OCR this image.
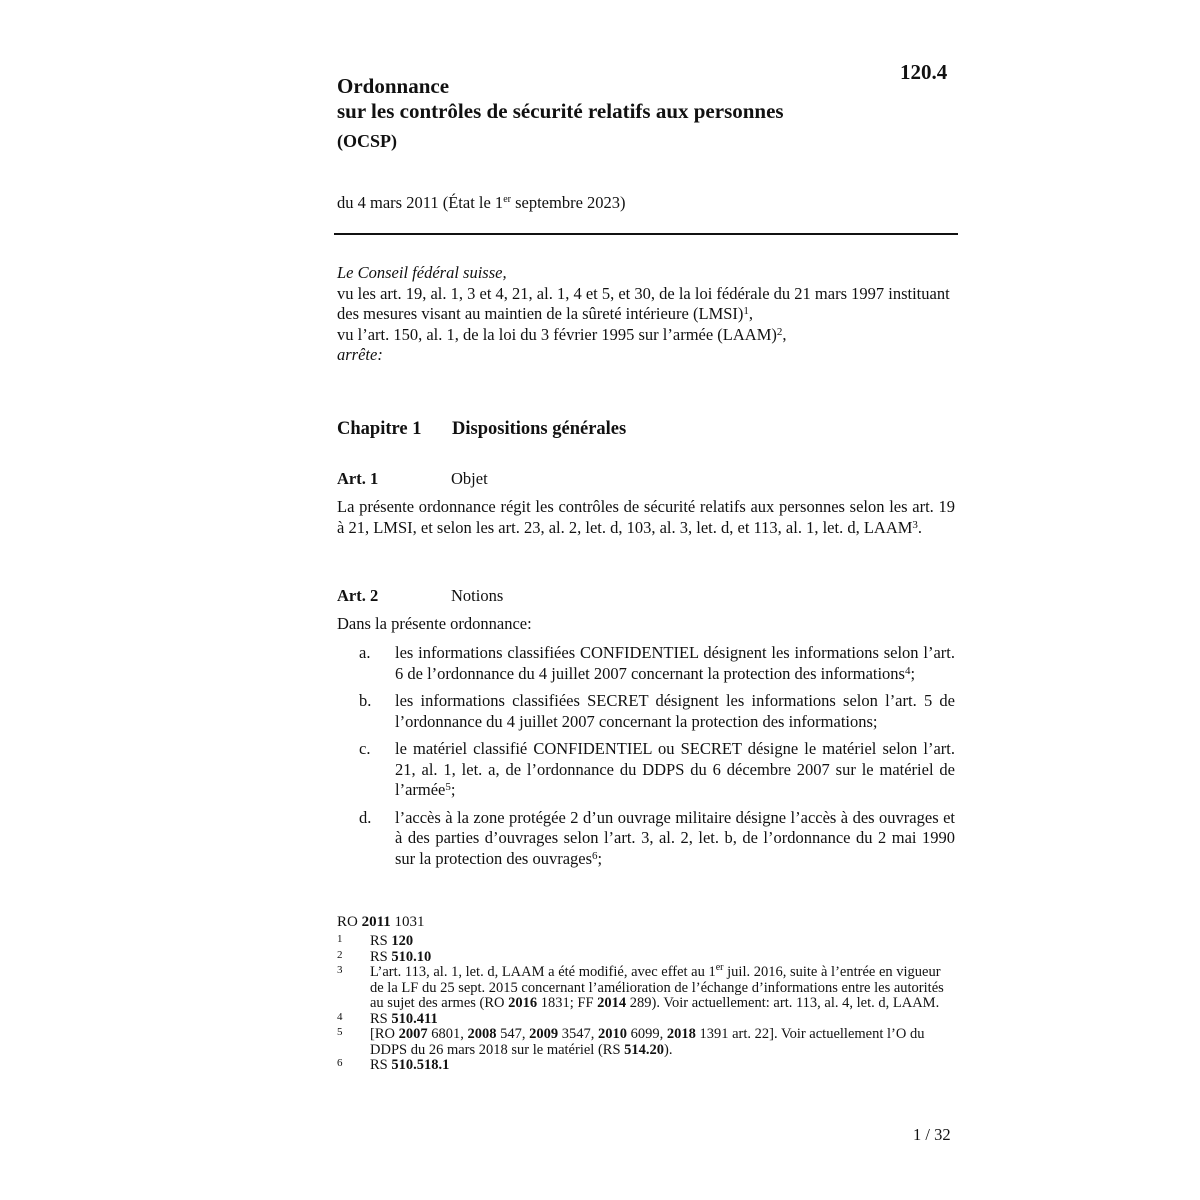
120.4
Ordonnance
sur les contrôles de sécurité relatifs aux personnes
(OCSP)
du 4 mars 2011 (État le 1er septembre 2023)
Le Conseil fédéral suisse,
vu les art. 19, al. 1, 3 et 4, 21, al. 1, 4 et 5, et 30, de la loi fédérale du 21 mars 1997 instituant des mesures visant au maintien de la sûreté intérieure (LMSI)$^1$,
vu l’art. 150, al. 1, de la loi du 3 février 1995 sur l’armée (LAAM)$^2$,
arrête:
Chapitre 1 Dispositions générales
Art. 1	Objet
La présente ordonnance régit les contrôles de sécurité relatifs aux personnes selon les art. 19 à 21, LMSI, et selon les art. 23, al. 2, let. d, 103, al. 3, let. d, et 113, al. 1, let. d, LAAM$^3$.
Art. 2	Notions
Dans la présente ordonnance:
a. les informations classifiées CONFIDENTIEL désignent les informations selon l’art. 6 de l’ordonnance du 4 juillet 2007 concernant la protection des informations$^4$;
b. les informations classifiées SECRET désignent les informations selon l’art. 5 de l’ordonnance du 4 juillet 2007 concernant la protection des informations;
c. le matériel classifié CONFIDENTIEL ou SECRET désigne le matériel selon l’art. 21, al. 1, let. a, de l’ordonnance du DDPS du 6 décembre 2007 sur le matériel de l’armée$^5$;
d. l’accès à la zone protégée 2 d’un ouvrage militaire désigne l’accès à des ouvrages et à des parties d’ouvrages selon l’art. 3, al. 2, let. b, de l’ordonnance du 2 mai 1990 sur la protection des ouvrages$^6$;
RO 2011 1031
1 RS 120
2 RS 510.10
3 L’art. 113, al. 1, let. d, LAAM a été modifié, avec effet au 1er juil. 2016, suite à l’entrée en vigueur de la LF du 25 sept. 2015 concernant l’amélioration de l’échange d’informations entre les autorités au sujet des armes (RO 2016 1831; FF 2014 289). Voir actuellement: art. 113, al. 4, let. d, LAAM.
4 RS 510.411
5 [RO 2007 6801, 2008 547, 2009 3547, 2010 6099, 2018 1391 art. 22]. Voir actuellement l’O du DDPS du 26 mars 2018 sur le matériel (RS 514.20).
6 RS 510.518.1
1 / 32
